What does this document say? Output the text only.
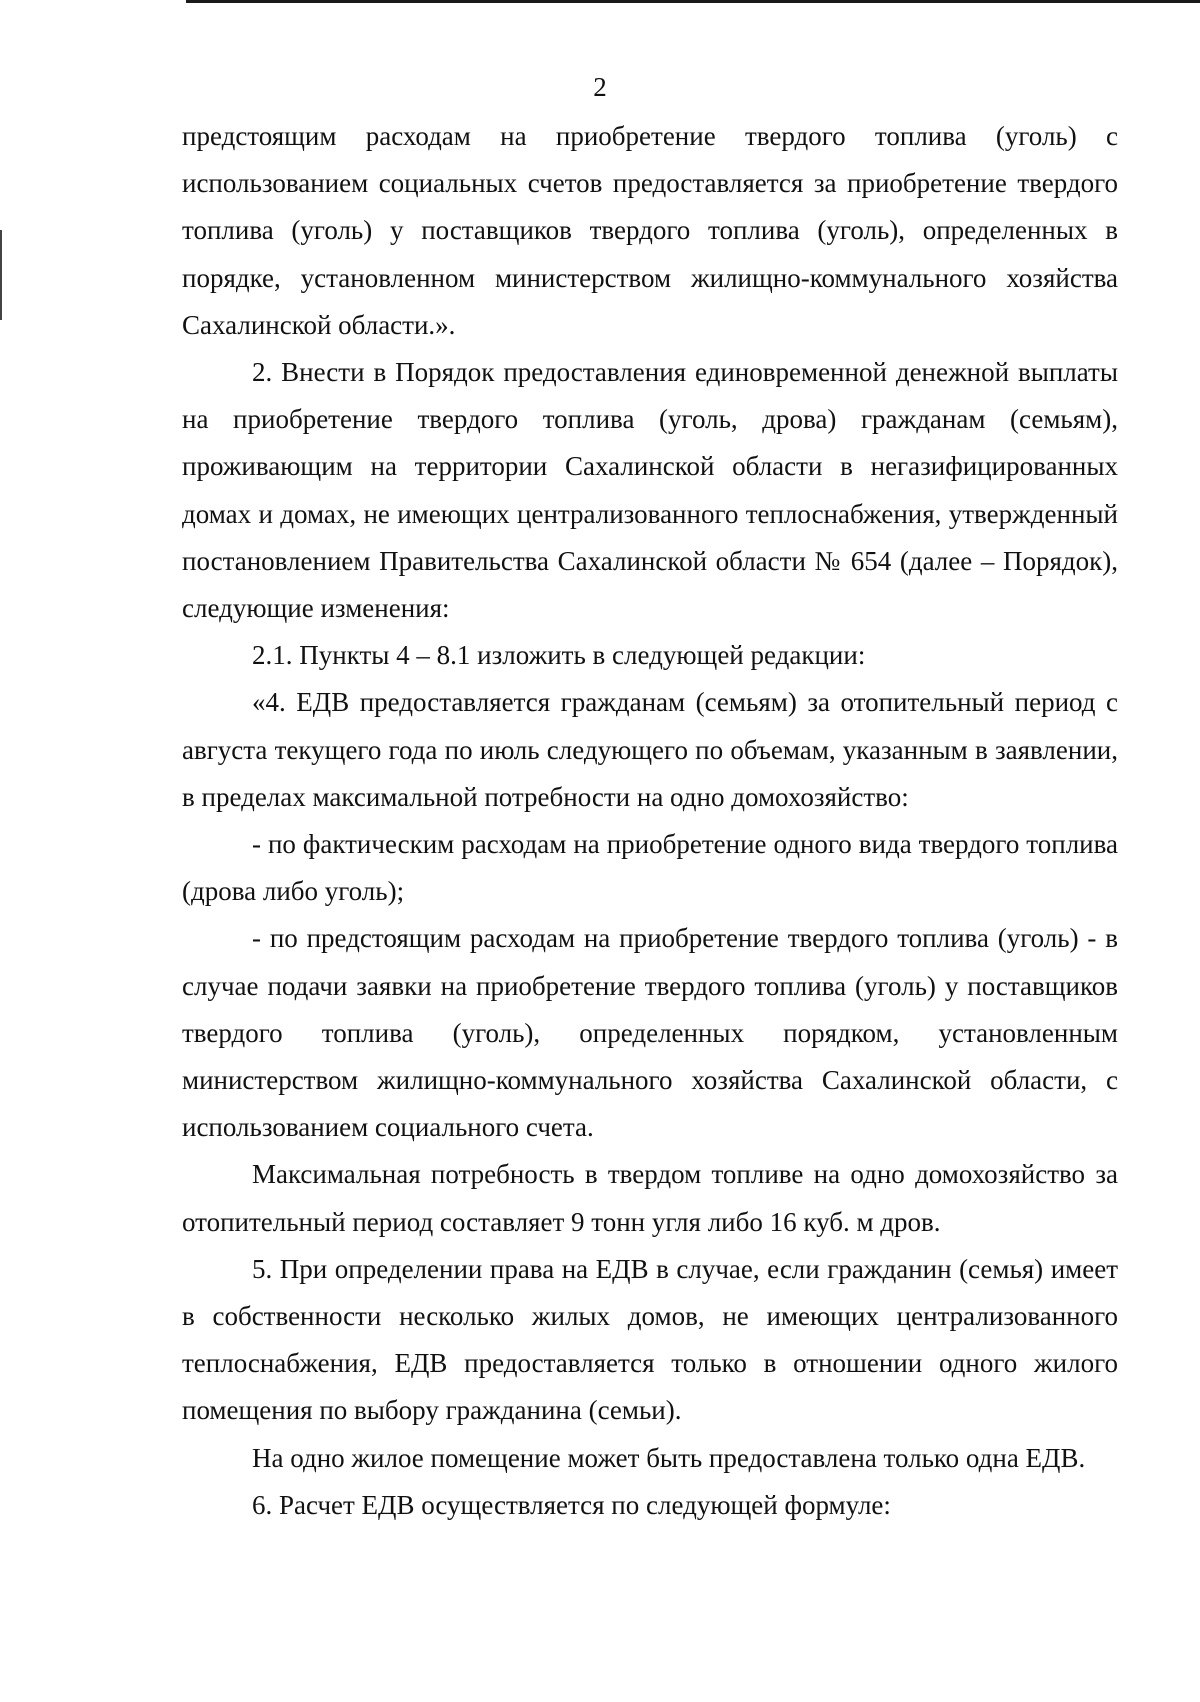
2

предстоящим расходам на приобретение твердого топлива (уголь) с использованием социальных счетов предоставляется за приобретение твердого топлива (уголь) у поставщиков твердого топлива (уголь), определенных в порядке, установленном министерством жилищно-коммунального хозяйства Сахалинской области.».

2. Внести в Порядок предоставления единовременной денежной выплаты на приобретение твердого топлива (уголь, дрова) гражданам (семьям), проживающим на территории Сахалинской области в негазифицированных домах и домах, не имеющих централизованного теплоснабжения, утвержденный постановлением Правительства Сахалинской области № 654 (далее – Порядок), следующие изменения:

2.1. Пункты 4 – 8.1 изложить в следующей редакции:

«4. ЕДВ предоставляется гражданам (семьям) за отопительный период с августа текущего года по июль следующего по объемам, указанным в заявлении, в пределах максимальной потребности на одно домохозяйство:

- по фактическим расходам на приобретение одного вида твердого топлива (дрова либо уголь);

- по предстоящим расходам на приобретение твердого топлива (уголь) - в случае подачи заявки на приобретение твердого топлива (уголь) у поставщиков твердого топлива (уголь), определенных порядком, установленным министерством жилищно-коммунального хозяйства Сахалинской области, с использованием социального счета.

Максимальная потребность в твердом топливе на одно домохозяйство за отопительный период составляет 9 тонн угля либо 16 куб. м дров.

5. При определении права на ЕДВ в случае, если гражданин (семья) имеет в собственности несколько жилых домов, не имеющих централизованного теплоснабжения, ЕДВ предоставляется только в отношении одного жилого помещения по выбору гражданина (семьи).

На одно жилое помещение может быть предоставлена только одна ЕДВ.

6. Расчет ЕДВ осуществляется по следующей формуле:
